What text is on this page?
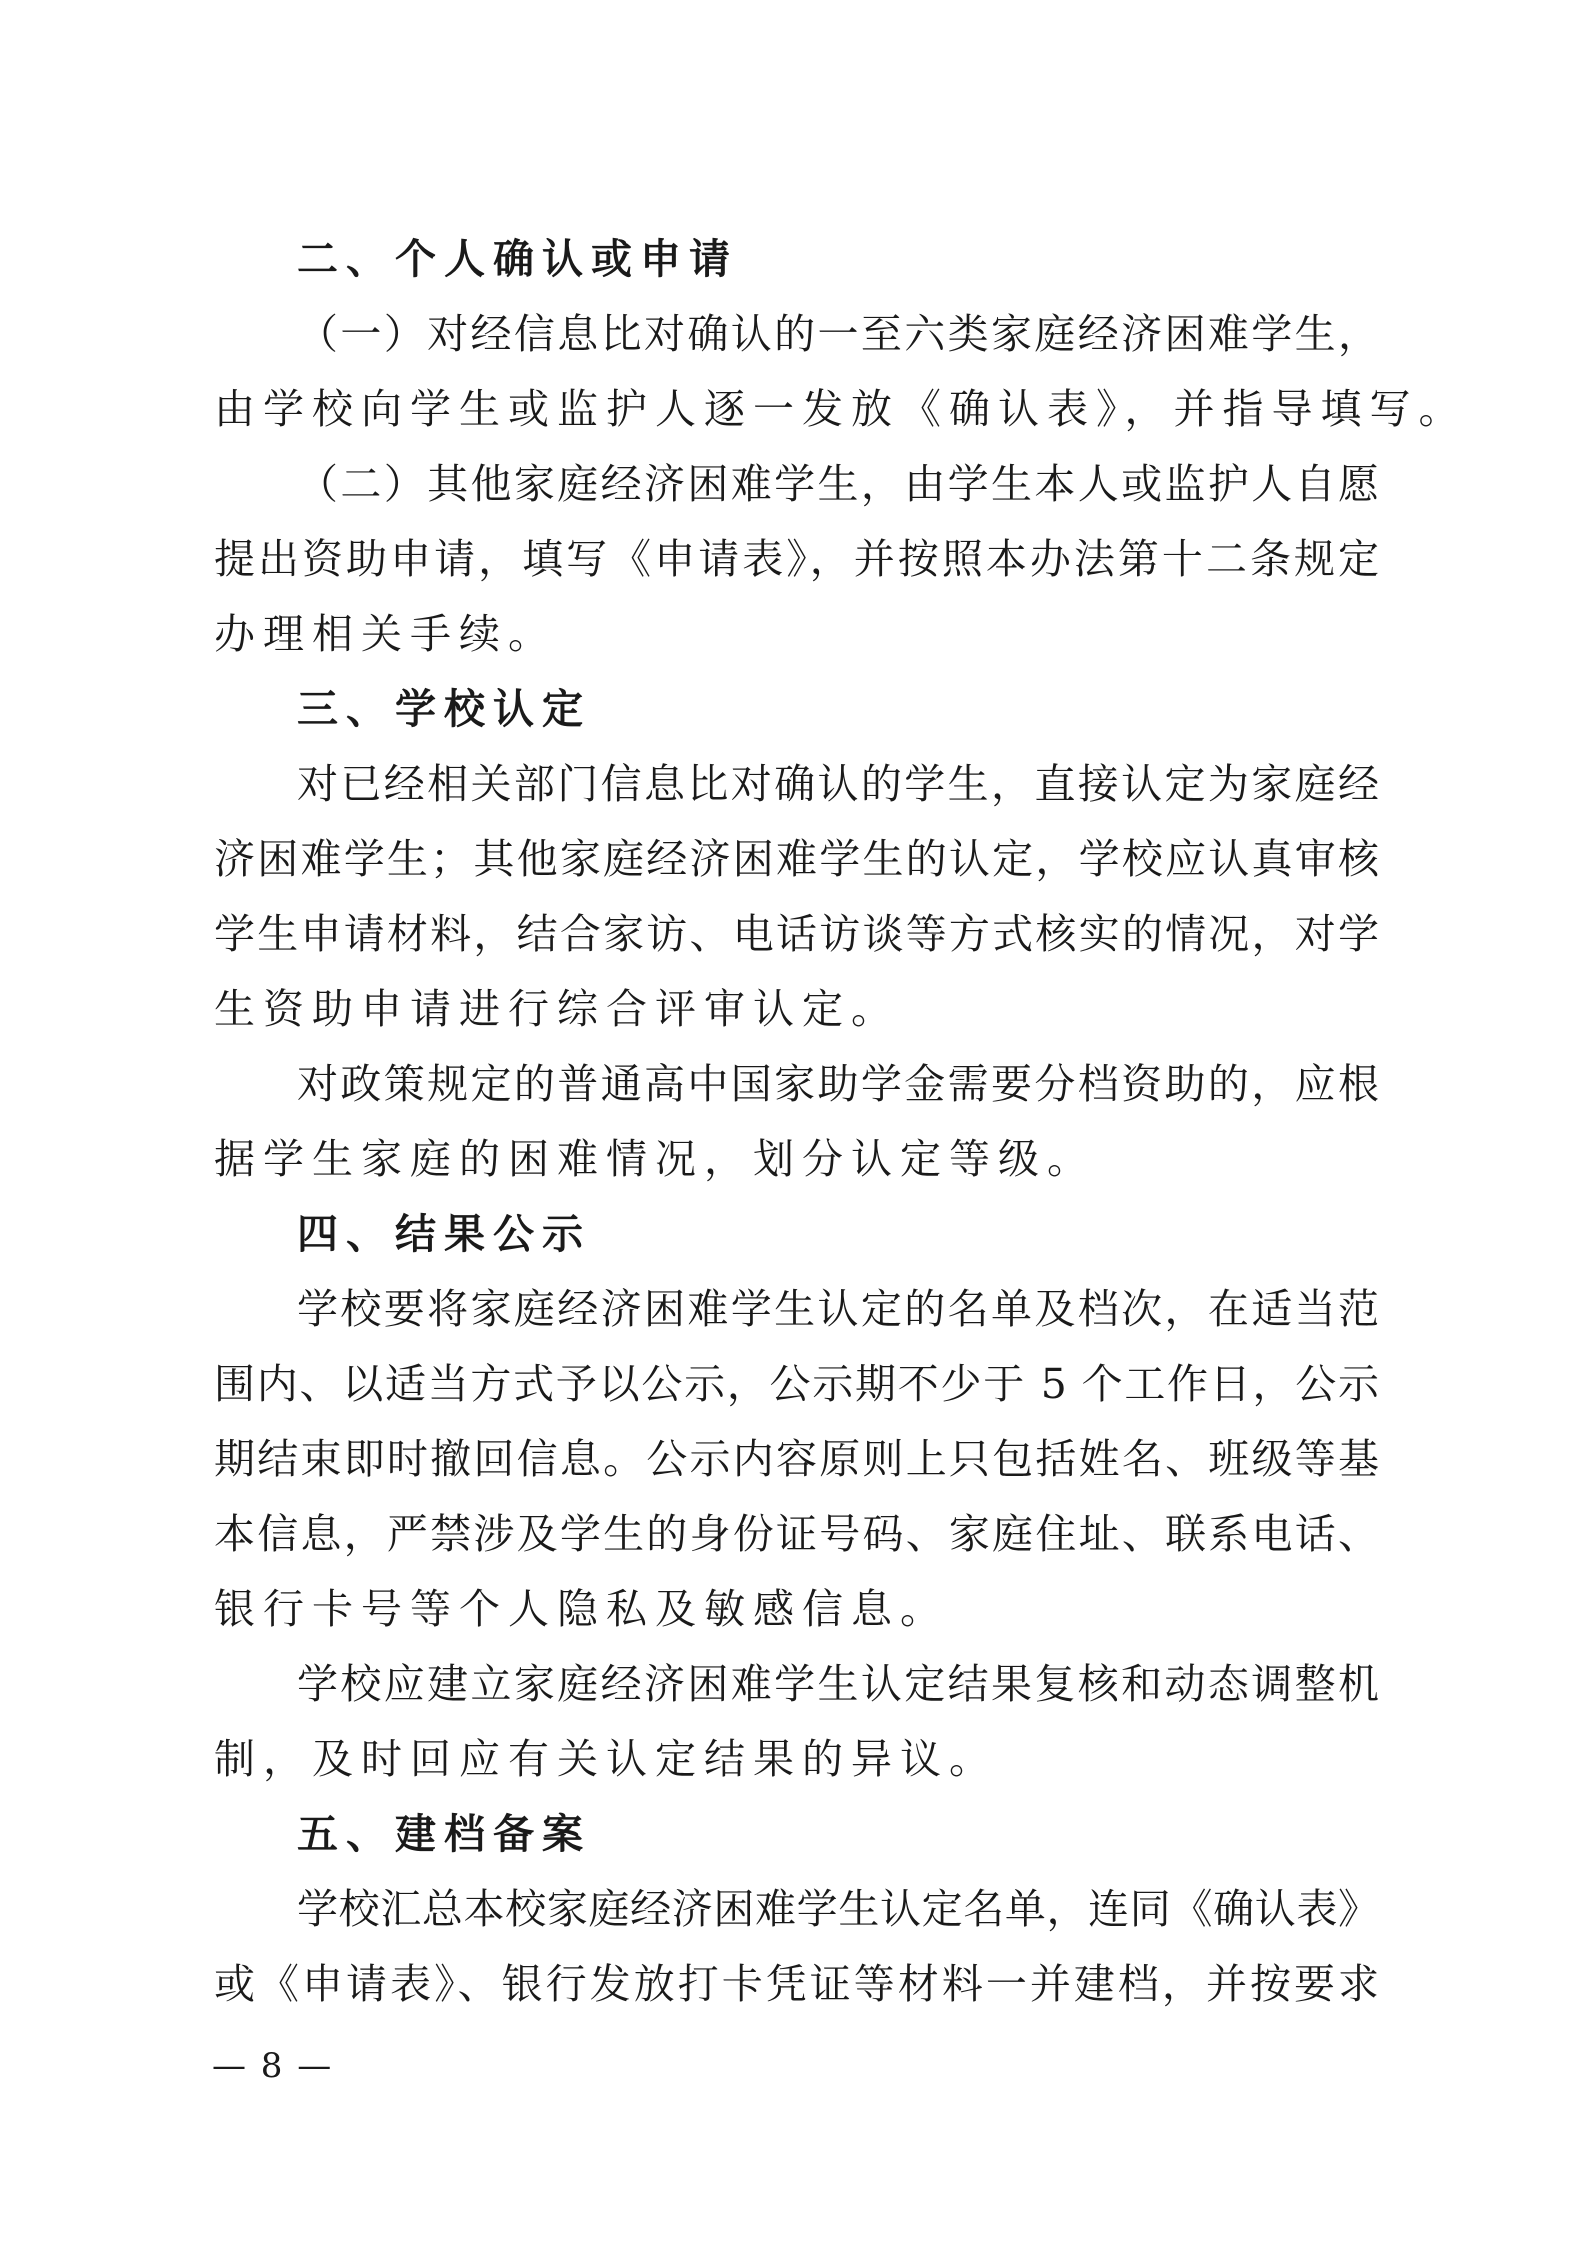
二、个人确认或申请
（一）对经信息比对确认的一至六类家庭经济困难学生，
由学校向学生或监护人逐一发放《确认表》，并指导填写。
（二）其他家庭经济困难学生，由学生本人或监护人自愿
提出资助申请，填写《申请表》，并按照本办法第十二条规定
办理相关手续。
三、学校认定
对已经相关部门信息比对确认的学生，直接认定为家庭经
济困难学生；其他家庭经济困难学生的认定，学校应认真审核
学生申请材料，结合家访、电话访谈等方式核实的情况，对学
生资助申请进行综合评审认定。
对政策规定的普通高中国家助学金需要分档资助的，应根
据学生家庭的困难情况，划分认定等级。
四、结果公示
学校要将家庭经济困难学生认定的名单及档次，在适当范
围内、以适当方式予以公示，公示期不少于 5 个工作日，公示
期结束即时撤回信息。公示内容原则上只包括姓名、班级等基
本信息，严禁涉及学生的身份证号码、家庭住址、联系电话、
银行卡号等个人隐私及敏感信息。
学校应建立家庭经济困难学生认定结果复核和动态调整机
制，及时回应有关认定结果的异议。
五、建档备案
学校汇总本校家庭经济困难学生认定名单，连同《确认表》
或《申请表》、银行发放打卡凭证等材料一并建档，并按要求
— 8 —
